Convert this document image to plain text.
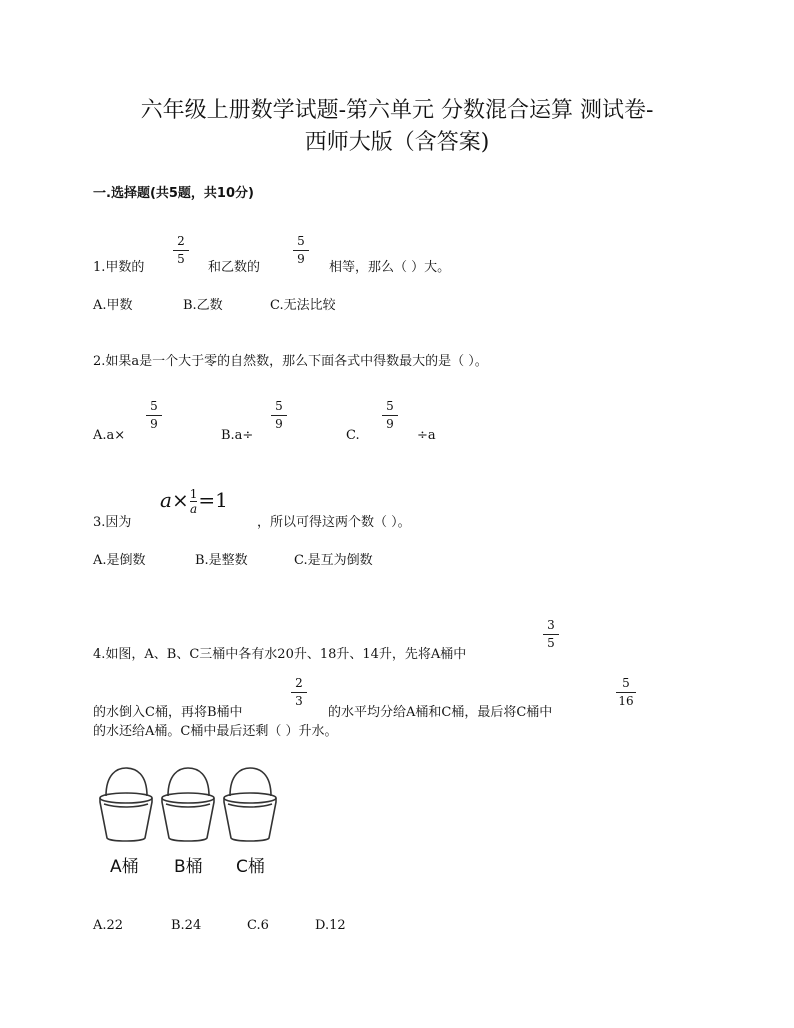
六年级上册数学试题-第六单元 分数混合运算 测试卷-
西师大版（含答案)
一.选择题(共5题，共10分)
1.甲数的
2
5
和乙数的
5
9
相等，那么（ ）大。
A.甲数	B.乙数	C.无法比较
2.如果a是一个大于零的自然数，那么下面各式中得数最大的是（ ）。
A.a×
5
9
B.a÷
5
9
C.
5
9
÷a
$a\times\frac{1}{a}=1$
3.因为	，所以可得这两个数（ ）。
A.是倒数	B.是整数	C.是互为倒数
4.如图，A、B、C三桶中各有水20升、18升、14升，先将A桶中
3
5
的水倒入C桶，再将B桶中
2
3
的水平均分给A桶和C桶，最后将C桶中
5
16
的水还给A桶。C桶中最后还剩（ ）升水。
A桶 B桶 C桶
A.22	B.24	C.6	D.12
